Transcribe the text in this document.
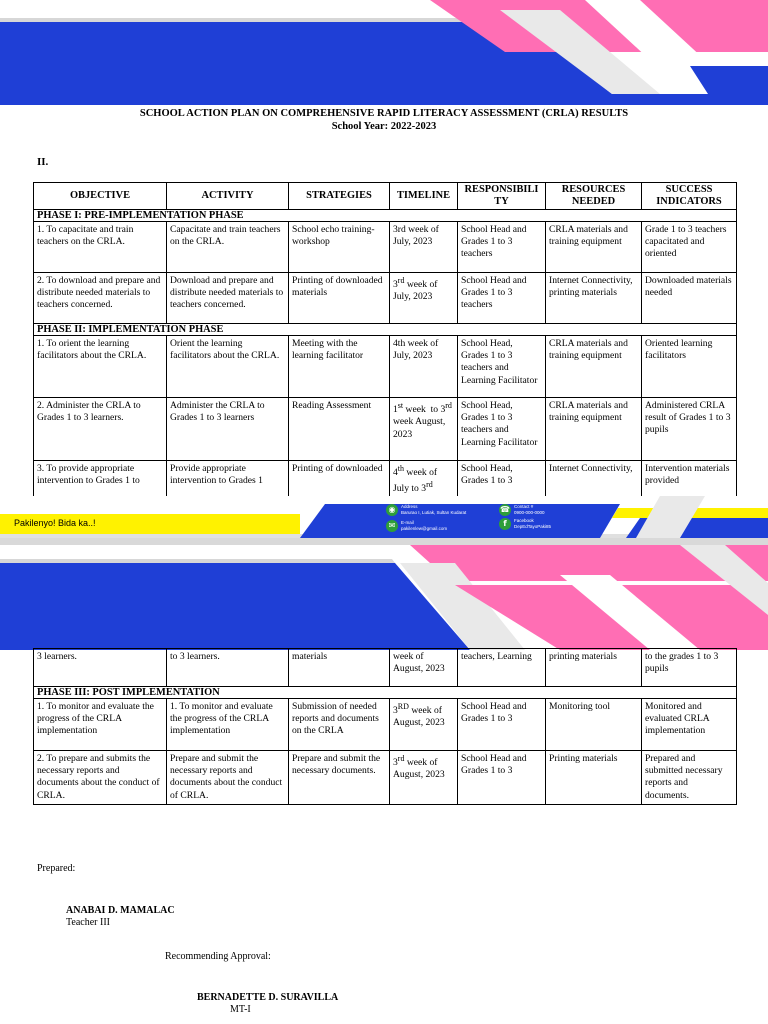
SCHOOL ACTION PLAN ON COMPREHENSIVE RAPID LITERACY ASSESSMENT (CRLA) RESULTS
School Year: 2022-2023
II.
OBJECTIVE	ACTIVITY	STRATEGIES	TIMELINE	RESPONSIBILI TY	RESOURCES NEEDED	SUCCESS INDICATORS
PHASE I: PRE-IMPLEMENTATION PHASE						
1. To capacitate and train teachers on the CRLA.	Capacitate and train teachers on the CRLA.	School echo training-workshop	3rd week of July, 2023	School Head and Grades 1 to 3 teachers	CRLA materials and training equipment	Grade 1 to 3 teachers capacitated and oriented
2. To download and prepare and distribute needed materials to teachers concerned.	Download and prepare and distribute needed materials to teachers concerned.	Printing of downloaded materials	3rd week of July, 2023	School Head and Grades 1 to 3 teachers	Internet Connectivity, printing materials	Downloaded materials needed
PHASE II: IMPLEMENTATION PHASE						
1. To orient the learning facilitators about the CRLA.	Orient the learning facilitators about the CRLA.	Meeting with the learning facilitator	4th week of July, 2023	School Head, Grades 1 to 3 teachers and Learning Facilitator	CRLA materials and training equipment	Oriented learning facilitators
2. Administer the CRLA to Grades 1 to 3 learners.	Administer the CRLA to Grades 1 to 3 learners	Reading Assessment	1st week  to 3rd week August, 2023	School Head, Grades 1 to 3 teachers and Learning Facilitator	CRLA materials and training equipment	Administered CRLA result of Grades 1 to 3 pupils
3. To provide appropriate intervention to Grades 1 to	Provide appropriate intervention to Grades 1	Printing of downloaded	4th week of July to 3rd	School Head, Grades 1 to 3	Internet Connectivity,	Intervention materials provided
Pakilenyo! Bida ka..!
◉	Address
Barurao I, Lutiak, Sultan Kudarat
✉	E-mail
pakilenlew@gmail.com
☎ Contact #
0900-000-0000
f	Facebook
DepEdTayoPaki85
3 learners.	to 3 learners.	materials	week of August, 2023	teachers, Learning	printing materials	to the grades 1 to 3 pupils
PHASE III: POST IMPLEMENTATION						
1. To monitor and evaluate the progress of the CRLA implementation	1. To monitor and evaluate the progress of the CRLA implementation	Submission of needed reports and documents on the CRLA	3RD week of August, 2023	School Head and Grades 1 to 3	Monitoring tool	Monitored and evaluated CRLA implementation
2. To prepare and submits the necessary reports and documents about the conduct of CRLA.	Prepare and submit the necessary reports and documents about the conduct of CRLA.	Prepare and submit the necessary documents.	3rd week of August, 2023	School Head and Grades 1 to 3	Printing materials	Prepared and submitted necessary reports and documents.
Prepared:
ANABAI D. MAMALAC
Teacher III
Recommending Approval:
BERNADETTE D. SURAVILLA
MT-I
